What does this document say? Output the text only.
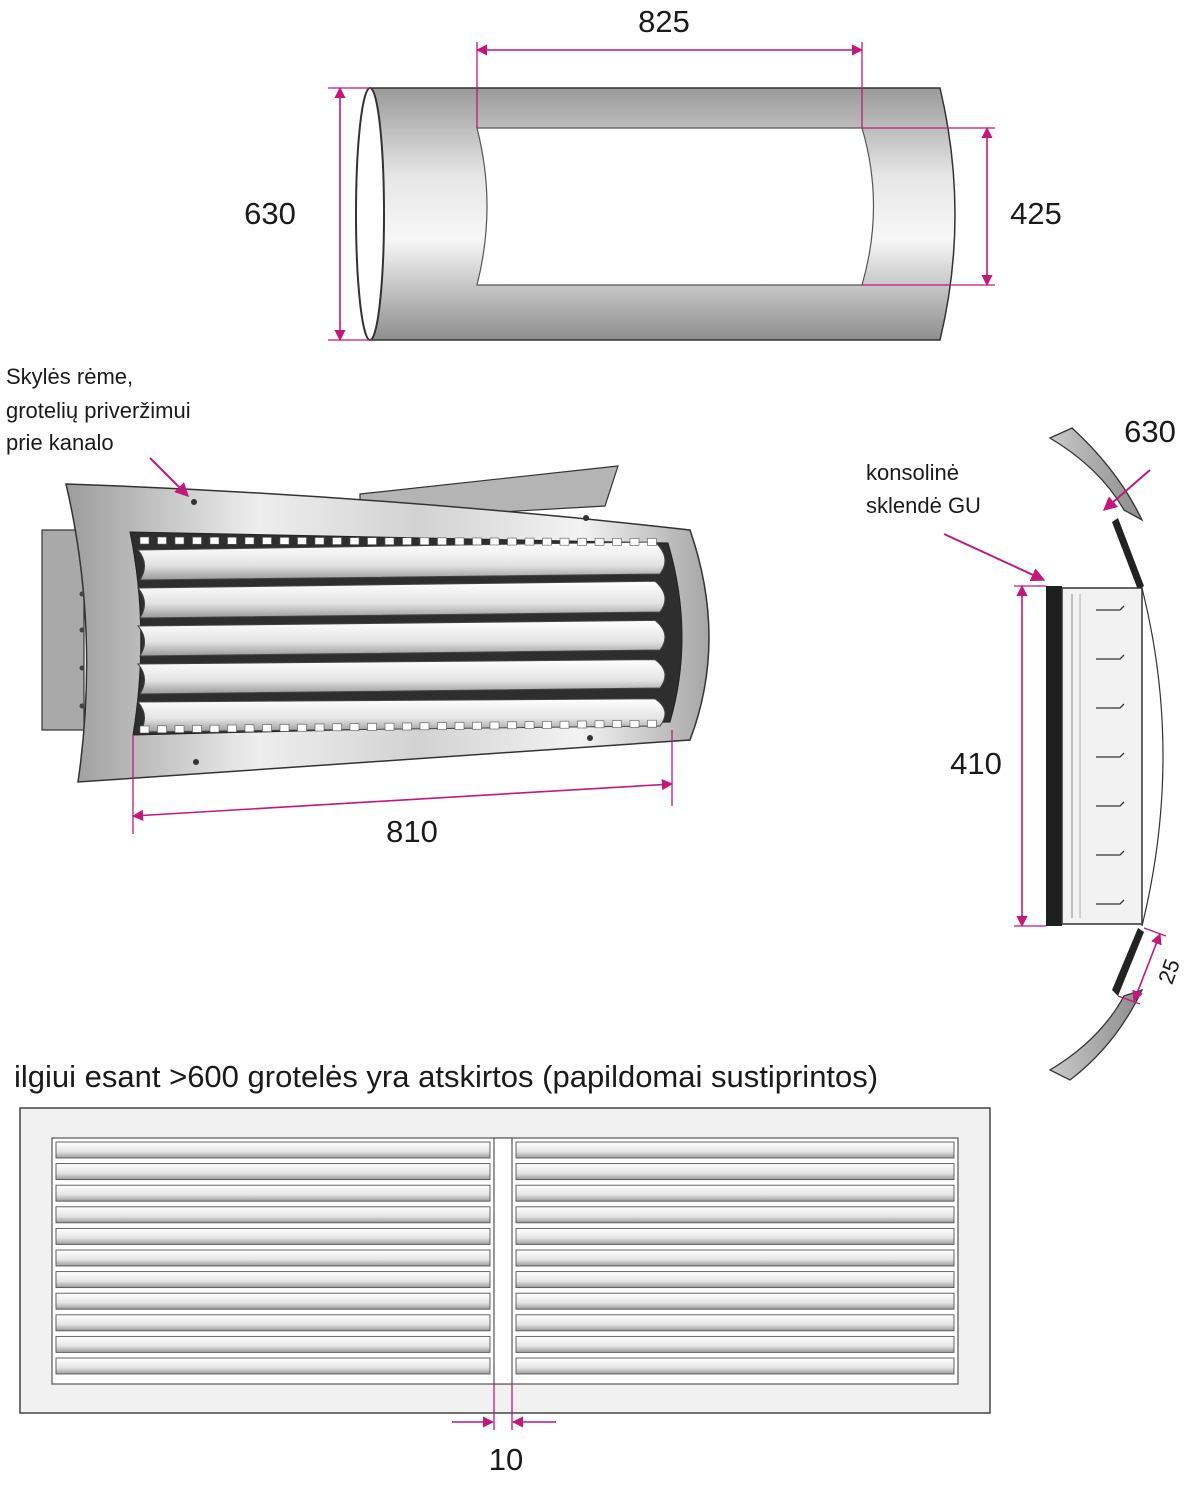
825
630	425
Skylės rėme,
grotelių priveržimui
prie kanalo
810
630
konsolinė
sklendė GU
410
25
ilgiui esant >600 grotelės yra atskirtos (papildomai sustiprintos)
10
